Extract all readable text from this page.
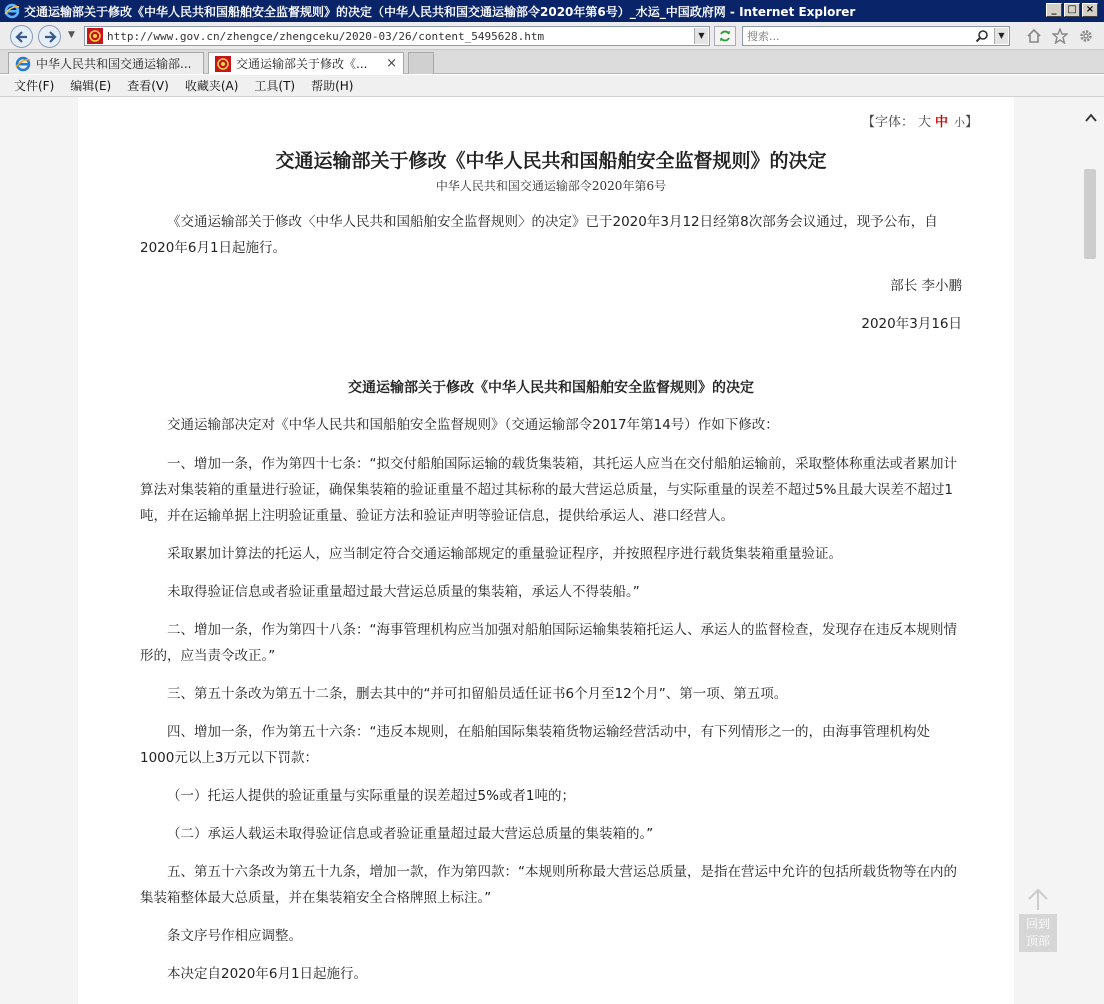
交通运输部关于修改《中华人民共和国船舶安全监督规则》的决定（中华人民共和国交通运输部令2020年第6号）_水运_中国政府网 - Internet Explorer	_	□ ×
▼	http://www.gov.cn/zhengce/zhengceku/2020-03/26/content_5495628.htm	▼
搜索...	▼
中华人民共和国交通运输部...	交通运输部关于修改《... ×
文件(F) 编辑(E) 查看(V) 收藏夹(A) 工具(T) 帮助(H)
【字体： 大 中 小】
交通运输部关于修改《中华人民共和国船舶安全监督规则》的决定
中华人民共和国交通运输部令2020年第6号

《交通运输部关于修改〈中华人民共和国船舶安全监督规则〉的决定》已于2020年3月12日经第8次部务会议通过，现予公布，自2020年6月1日起施行。

部长 李小鹏

2020年3月16日

交通运输部关于修改《中华人民共和国船舶安全监督规则》的决定

交通运输部决定对《中华人民共和国船舶安全监督规则》（交通运输部令2017年第14号）作如下修改：

一、增加一条，作为第四十七条：“拟交付船舶国际运输的载货集装箱，其托运人应当在交付船舶运输前，采取整体称重法或者累加计算法对集装箱的重量进行验证，确保集装箱的验证重量不超过其标称的最大营运总质量，与实际重量的误差不超过5%且最大误差不超过1吨，并在运输单据上注明验证重量、验证方法和验证声明等验证信息，提供给承运人、港口经营人。

采取累加计算法的托运人，应当制定符合交通运输部规定的重量验证程序，并按照程序进行载货集装箱重量验证。

未取得验证信息或者验证重量超过最大营运总质量的集装箱，承运人不得装船。”

二、增加一条，作为第四十八条：“海事管理机构应当加强对船舶国际运输集装箱托运人、承运人的监督检查，发现存在违反本规则情形的，应当责令改正。”

三、第五十条改为第五十二条，删去其中的“并可扣留船员适任证书6个月至12个月”、第一项、第五项。

四、增加一条，作为第五十六条：“违反本规则，在船舶国际集装箱货物运输经营活动中，有下列情形之一的，由海事管理机构处1000元以上3万元以下罚款：

（一）托运人提供的验证重量与实际重量的误差超过5%或者1吨的；

（二）承运人载运未取得验证信息或者验证重量超过最大营运总质量的集装箱的。”

五、第五十六条改为第五十九条，增加一款，作为第四款：“本规则所称最大营运总质量，是指在营运中允许的包括所载货物等在内的集装箱整体最大总质量，并在集装箱安全合格牌照上标注。”

条文序号作相应调整。

本决定自2020年6月1日起施行。

回到
顶部
